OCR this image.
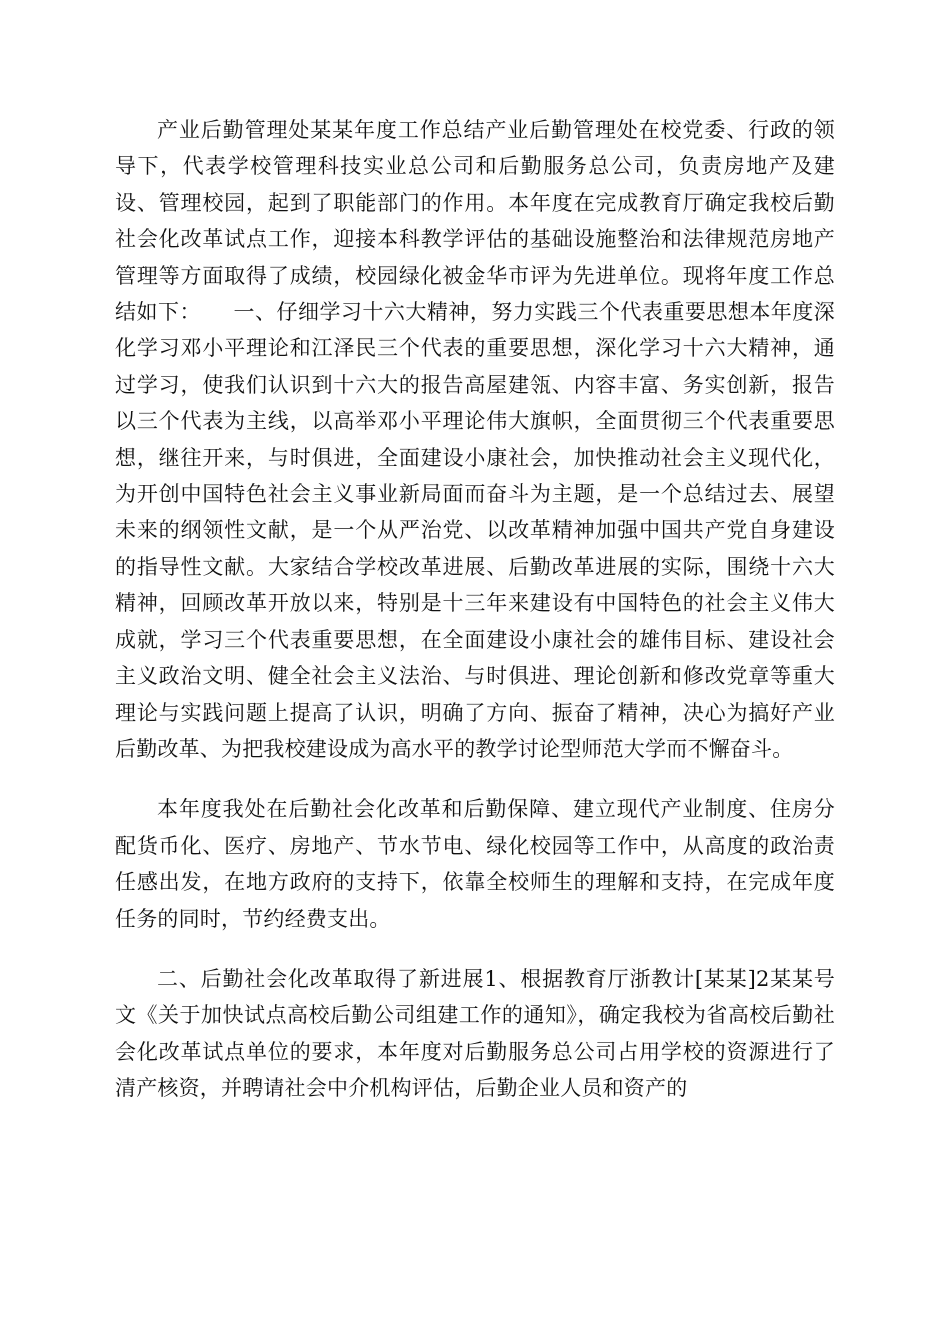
产业后勤管理处某某年度工作总结产业后勤管理处在校党委、行政的领导下，代表学校管理科技实业总公司和后勤服务总公司，负责房地产及建设、管理校园，起到了职能部门的作用。本年度在完成教育厅确定我校后勤社会化改革试点工作，迎接本科教学评估的基础设施整治和法律规范房地产管理等方面取得了成绩，校园绿化被金华市评为先进单位。现将年度工作总结如下：　　一、仔细学习十六大精神，努力实践三个代表重要思想本年度深化学习邓小平理论和江泽民三个代表的重要思想，深化学习十六大精神，通过学习，使我们认识到十六大的报告高屋建瓴、内容丰富、务实创新，报告以三个代表为主线，以高举邓小平理论伟大旗帜，全面贯彻三个代表重要思想，继往开来，与时俱进，全面建设小康社会，加快推动社会主义现代化，为开创中国特色社会主义事业新局面而奋斗为主题，是一个总结过去、展望未来的纲领性文献，是一个从严治党、以改革精神加强中国共产党自身建设的指导性文献。大家结合学校改革进展、后勤改革进展的实际，围绕十六大精神，回顾改革开放以来，特别是十三年来建设有中国特色的社会主义伟大成就，学习三个代表重要思想，在全面建设小康社会的雄伟目标、建设社会主义政治文明、健全社会主义法治、与时俱进、理论创新和修改党章等重大理论与实践问题上提高了认识，明确了方向、振奋了精神，决心为搞好产业后勤改革、为把我校建设成为高水平的教学讨论型师范大学而不懈奋斗。

本年度我处在后勤社会化改革和后勤保障、建立现代产业制度、住房分配货币化、医疗、房地产、节水节电、绿化校园等工作中，从高度的政治责任感出发，在地方政府的支持下，依靠全校师生的理解和支持，在完成年度任务的同时，节约经费支出。

二、后勤社会化改革取得了新进展1、根据教育厅浙教计[某某]2某某号文《关于加快试点高校后勤公司组建工作的通知》，确定我校为省高校后勤社会化改革试点单位的要求，本年度对后勤服务总公司占用学校的资源进行了清产核资，并聘请社会中介机构评估，后勤企业人员和资产的
